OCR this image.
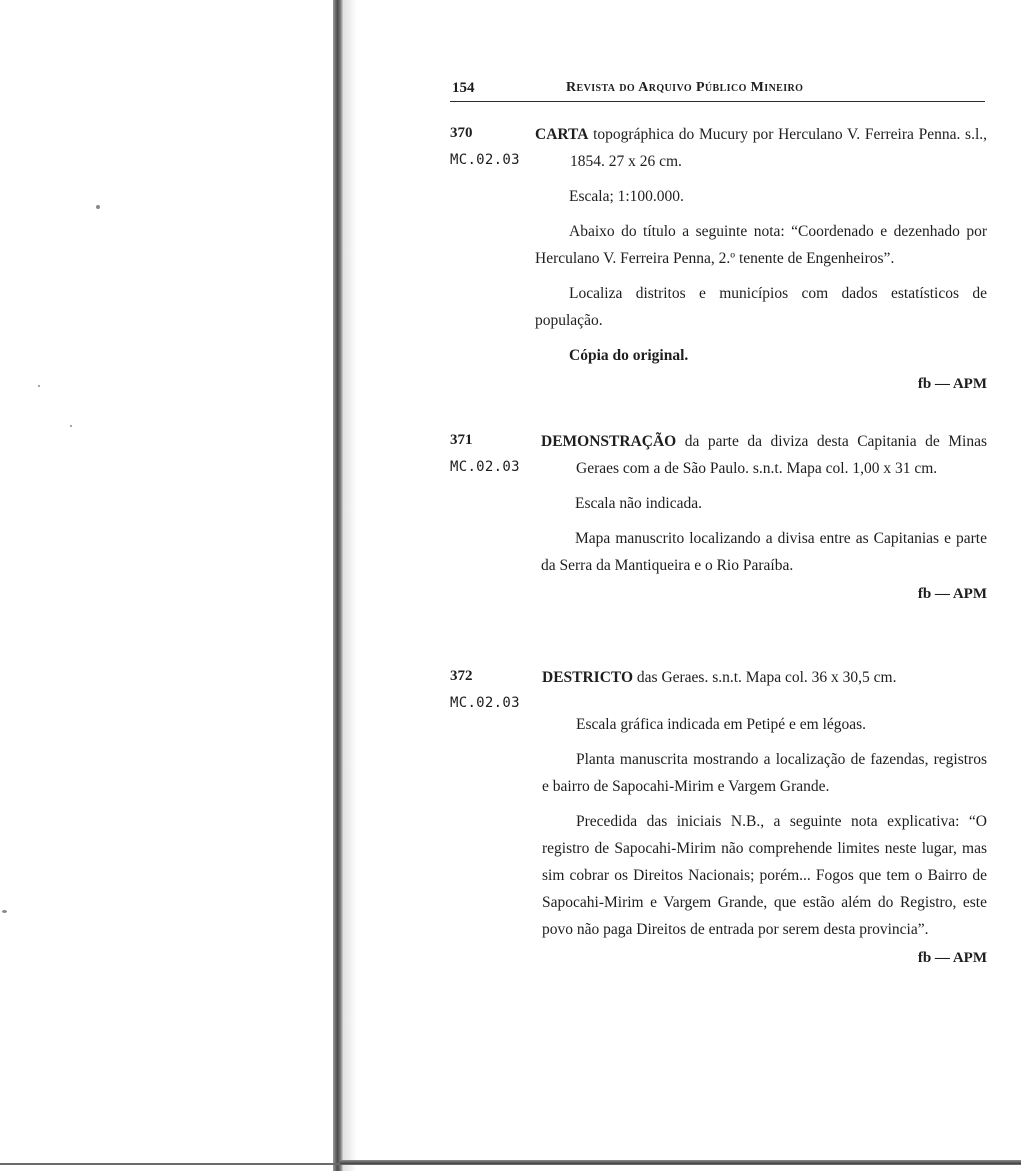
154	Revista do Arquivo Público Mineiro
370
MC.02.03

CARTA topográphica do Mucury por Herculano V. Ferreira Penna. s.l., 1854. 27 x 26 cm.

Escala; 1:100.000.

Abaixo do título a seguinte nota: “Coordenado e dezenhado por Herculano V. Ferreira Penna, 2.º tenente de Engenheiros”.

Localiza distritos e municípios com dados estatísticos de população.

Cópia do original.

fb — APM
371
MC.02.03

DEMONSTRAÇÃO da parte da diviza desta Capitania de Minas Geraes com a de São Paulo. s.n.t. Mapa col. 1,00 x 31 cm.

Escala não indicada.

Mapa manuscrito localizando a divisa entre as Capitanias e parte da Serra da Mantiqueira e o Rio Paraíba.

fb — APM
372
MC.02.03

DESTRICTO das Geraes. s.n.t. Mapa col. 36 x 30,5 cm.

Escala gráfica indicada em Petipé e em légoas.

Planta manuscrita mostrando a localização de fazendas, registros e bairro de Sapocahi-Mirim e Vargem Grande.

Precedida das iniciais N.B., a seguinte nota explicativa: “O registro de Sapocahi-Mirim não comprehende limites neste lugar, mas sim cobrar os Direitos Nacionais; porém... Fogos que tem o Bairro de Sapocahi-Mirim e Vargem Grande, que estão além do Registro, este povo não paga Direitos de entrada por serem desta provincia”.

fb — APM
